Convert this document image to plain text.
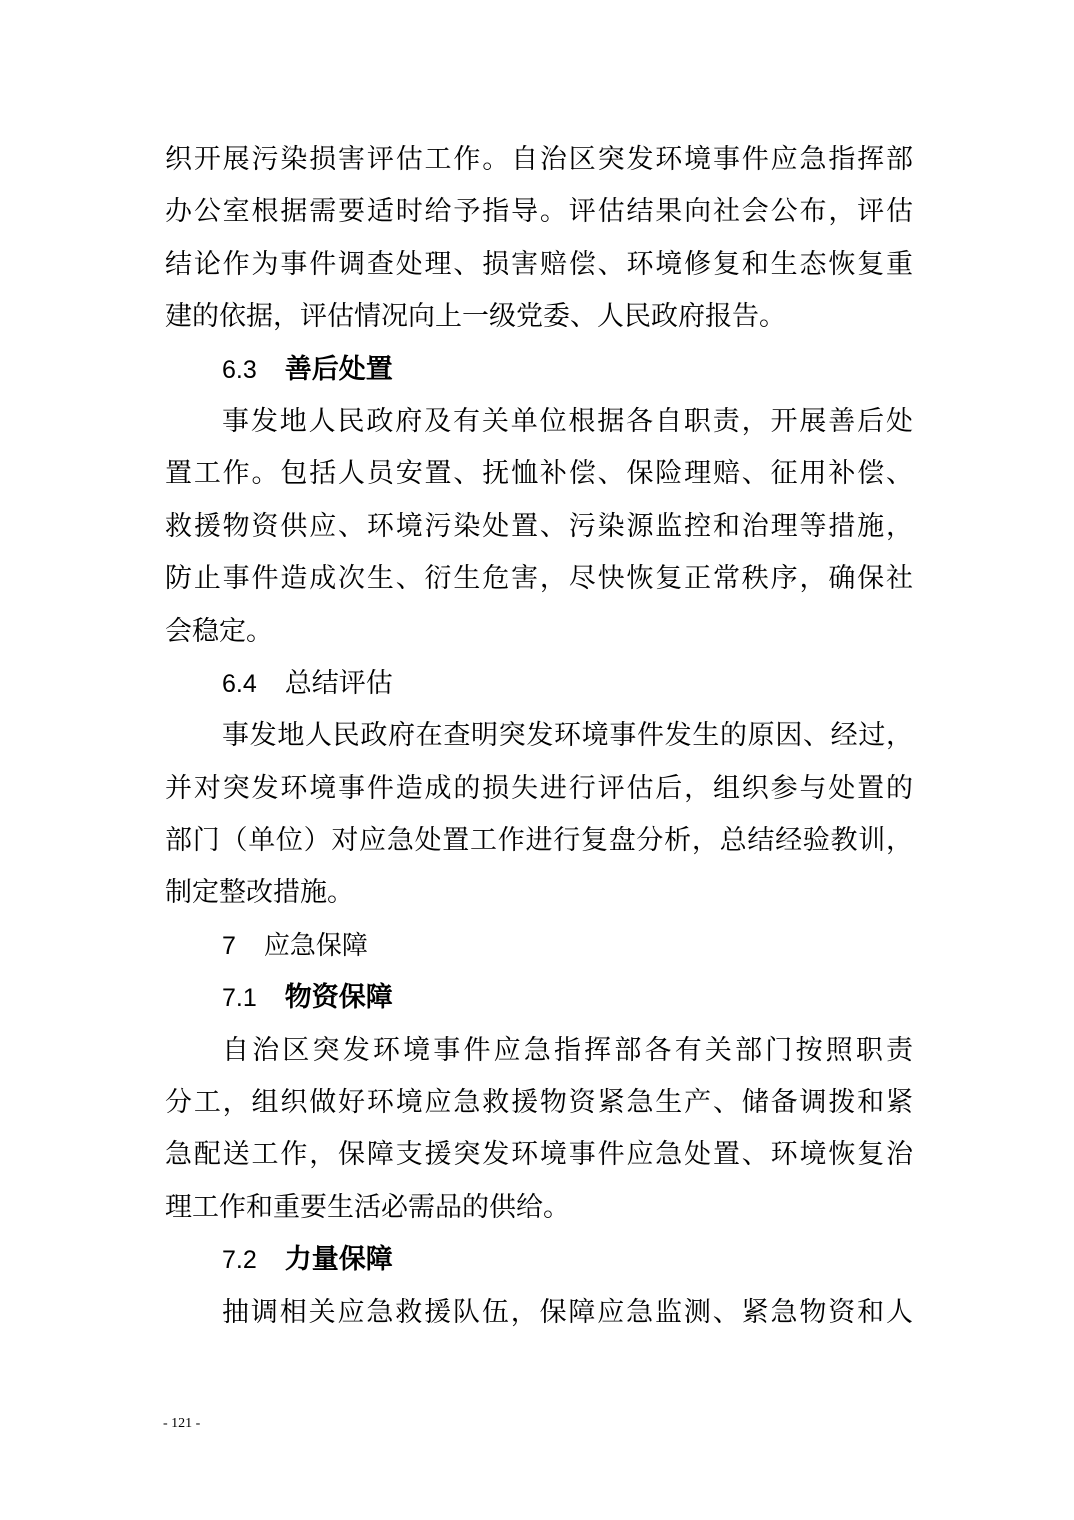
织开展污染损害评估工作。自治区突发环境事件应急指挥部
办公室根据需要适时给予指导。评估结果向社会公布，评估
结论作为事件调查处理、损害赔偿、环境修复和生态恢复重
建的依据，评估情况向上一级党委、人民政府报告。
6.3 善后处置
事发地人民政府及有关单位根据各自职责，开展善后处
置工作。包括人员安置、抚恤补偿、保险理赔、征用补偿、
救援物资供应、环境污染处置、污染源监控和治理等措施，
防止事件造成次生、衍生危害，尽快恢复正常秩序，确保社
会稳定。
6.4 总结评估
事发地人民政府在查明突发环境事件发生的原因、经过，
并对突发环境事件造成的损失进行评估后，组织参与处置的
部门（单位）对应急处置工作进行复盘分析，总结经验教训，
制定整改措施。
7 应急保障
7.1 物资保障
自治区突发环境事件应急指挥部各有关部门按照职责
分工，组织做好环境应急救援物资紧急生产、储备调拨和紧
急配送工作，保障支援突发环境事件应急处置、环境恢复治
理工作和重要生活必需品的供给。
7.2 力量保障
抽调相关应急救援队伍，保障应急监测、紧急物资和人
- 121 -
